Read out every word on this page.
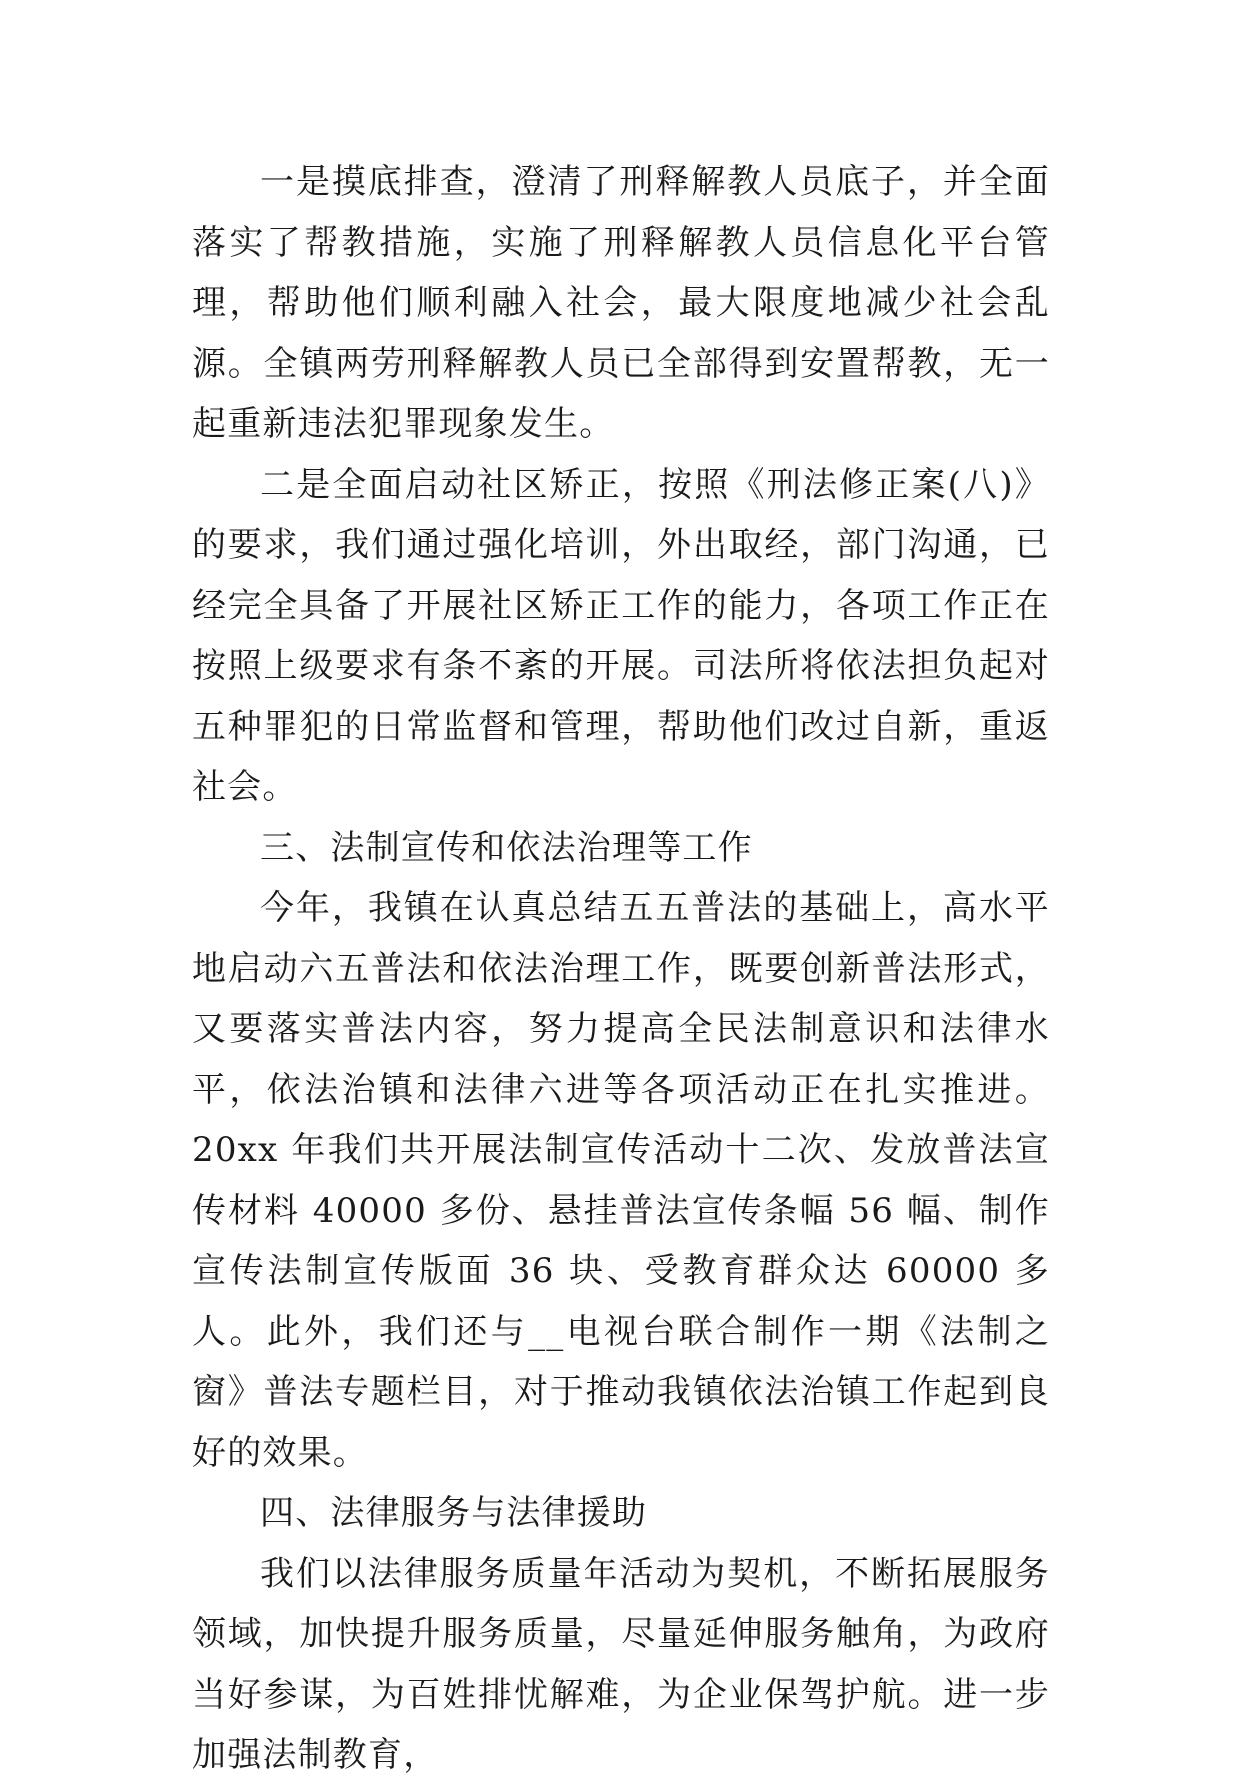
一是摸底排查，澄清了刑释解教人员底子，并全面落实了帮教措施，实施了刑释解教人员信息化平台管理，帮助他们顺利融入社会，最大限度地减少社会乱源。全镇两劳刑释解教人员已全部得到安置帮教，无一起重新违法犯罪现象发生。

二是全面启动社区矫正，按照《刑法修正案(八)》的要求，我们通过强化培训，外出取经，部门沟通，已经完全具备了开展社区矫正工作的能力，各项工作正在按照上级要求有条不紊的开展。司法所将依法担负起对五种罪犯的日常监督和管理，帮助他们改过自新，重返社会。

三、法制宣传和依法治理等工作

今年，我镇在认真总结五五普法的基础上，高水平地启动六五普法和依法治理工作，既要创新普法形式，又要落实普法内容，努力提高全民法制意识和法律水平，依法治镇和法律六进等各项活动正在扎实推进。20xx 年我们共开展法制宣传活动十二次、发放普法宣传材料 40000 多份、悬挂普法宣传条幅 56 幅、制作宣传法制宣传版面 36 块、受教育群众达 60000 多人。此外，我们还与__电视台联合制作一期《法制之窗》普法专题栏目，对于推动我镇依法治镇工作起到良好的效果。

四、法律服务与法律援助

我们以法律服务质量年活动为契机，不断拓展服务领域，加快提升服务质量，尽量延伸服务触角，为政府当好参谋，为百姓排忧解难，为企业保驾护航。进一步加强法制教育，
